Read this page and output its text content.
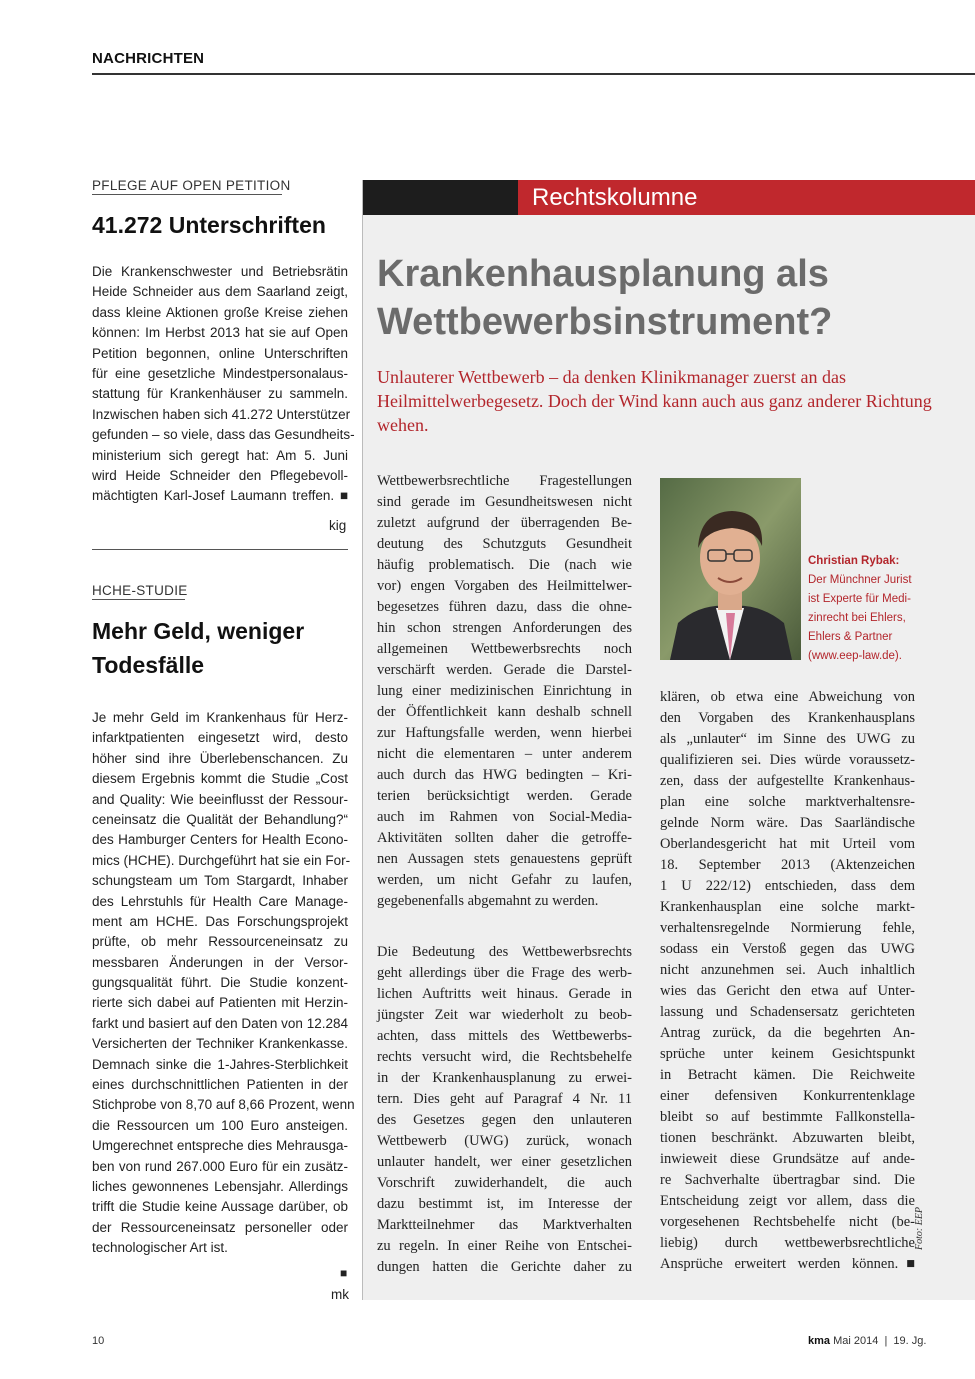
NACHRICHTEN
PFLEGE AUF OPEN PETITION
41.272 Unterschriften
Die Krankenschwester und Betriebsrätin
Heide Schneider aus dem Saarland zeigt,
dass kleine Aktionen große Kreise ziehen
können: Im Herbst 2013 hat sie auf Open
Petition begonnen, online Unterschriften
für eine gesetzliche Mindestpersonalaus-
stattung für Krankenhäuser zu sammeln.
Inzwischen haben sich 41.272 Unterstützer
gefunden – so viele, dass das Gesundheits-
ministerium sich geregt hat: Am 5. Juni
wird Heide Schneider den Pflegebevoll-
mächtigten Karl-Josef Laumann treffen. ■
kig
HCHE-STUDIE
Mehr Geld, weniger
Todesfälle
Je mehr Geld im Krankenhaus für Herz-
infarktpatienten eingesetzt wird, desto
höher sind ihre Überlebenschancen. Zu
diesem Ergebnis kommt die Studie „Cost
and Quality: Wie beeinflusst der Ressour-
ceneinsatz die Qualität der Behandlung?“
des Hamburger Centers for Health Econo-
mics (HCHE). Durchgeführt hat sie ein For-
schungsteam um Tom Stargardt, Inhaber
des Lehrstuhls für Health Care Manage-
ment am HCHE. Das Forschungsprojekt
prüfte, ob mehr Ressourceneinsatz zu
messbaren Änderungen in der Versor-
gungsqualität führt. Die Studie konzent-
rierte sich dabei auf Patienten mit Herzin-
farkt und basiert auf den Daten von 12.284
Versicherten der Techniker Krankenkasse.
Demnach sinke die 1-Jahres-Sterblichkeit
eines durchschnittlichen Patienten in der
Stichprobe von 8,70 auf 8,66 Prozent, wenn
die Ressourcen um 100 Euro ansteigen.
Umgerechnet entspreche dies Mehrausga-
ben von rund 267.000 Euro für ein zusätz-
liches gewonnenes Lebensjahr. Allerdings
trifft die Studie keine Aussage darüber, ob
der Ressourceneinsatz personeller oder
technologischer Art ist.
■
mk
Rechtskolumne
Krankenhausplanung als
Wettbewerbsinstrument?
Unlauterer Wettbewerb – da denken Klinikmanager zuerst an das Heilmittelwerbegesetz. Doch der Wind kann auch aus ganz anderer Richtung wehen.
Wettbewerbsrechtliche Fragestellungen
sind gerade im Gesundheitswesen nicht
zuletzt aufgrund der überragenden Be-
deutung des Schutzguts Gesundheit
häufig problematisch. Die (nach wie
vor) engen Vorgaben des Heilmittelwer-
begesetzes führen dazu, dass die ohne-
hin schon strengen Anforderungen des
allgemeinen Wettbewerbsrechts noch
verschärft werden. Gerade die Darstel-
lung einer medizinischen Einrichtung in
der Öffentlichkeit kann deshalb schnell
zur Haftungsfalle werden, wenn hierbei
nicht die elementaren – unter anderem
auch durch das HWG bedingten – Kri-
terien berücksichtigt werden. Gerade
auch im Rahmen von Social-Media-
Aktivitäten sollten daher die getroffe-
nen Aussagen stets genauestens geprüft
werden, um nicht Gefahr zu laufen,
gegebenenfalls abgemahnt zu werden.
Die Bedeutung des Wettbewerbsrechts
geht allerdings über die Frage des werb-
lichen Auftritts weit hinaus. Gerade in
jüngster Zeit war wiederholt zu beob-
achten, dass mittels des Wettbewerbs-
rechts versucht wird, die Rechtsbehelfe
in der Krankenhausplanung zu erwei-
tern. Dies geht auf Paragraf 4 Nr. 11
des Gesetzes gegen den unlauteren
Wettbewerb (UWG) zurück, wonach
unlauter handelt, wer einer gesetzlichen
Vorschrift zuwiderhandelt, die auch
dazu bestimmt ist, im Interesse der
Marktteilnehmer das Marktverhalten
zu regeln. In einer Reihe von Entschei-
dungen hatten die Gerichte daher zu
klären, ob etwa eine Abweichung von
den Vorgaben des Krankenhausplans
als „unlauter“ im Sinne des UWG zu
qualifizieren sei. Dies würde voraussetz-
zen, dass der aufgestellte Krankenhaus-
plan eine solche marktverhaltensre-
gelnde Norm wäre. Das Saarländische
Oberlandesgericht hat mit Urteil vom
18. September 2013 (Aktenzeichen
1 U 222/12) entschieden, dass dem
Krankenhausplan eine solche markt-
verhaltensregelnde Normierung fehle,
sodass ein Verstoß gegen das UWG
nicht anzunehmen sei. Auch inhaltlich
wies das Gericht den etwa auf Unter-
lassung und Schadensersatz gerichteten
Antrag zurück, da die begehrten An-
sprüche unter keinem Gesichtspunkt
in Betracht kämen. Die Reichweite
einer defensiven Konkurrentenklage
bleibt so auf bestimmte Fallkonstella-
tionen beschränkt. Abzuwarten bleibt,
inwieweit diese Grundsätze auf ande-
re Sachverhalte übertragbar sind. Die
Entscheidung zeigt vor allem, dass die
vorgesehenen Rechtsbehelfe nicht (be-
liebig) durch wettbewerbsrechtliche
Ansprüche erweitert werden können.■
Christian Rybak:
Der Münchner Jurist
ist Experte für Medi-
zinrecht bei Ehlers,
Ehlers & Partner
(www.eep-law.de).
Foto: EEP
10	kma Mai 2014  |  19. Jg.
